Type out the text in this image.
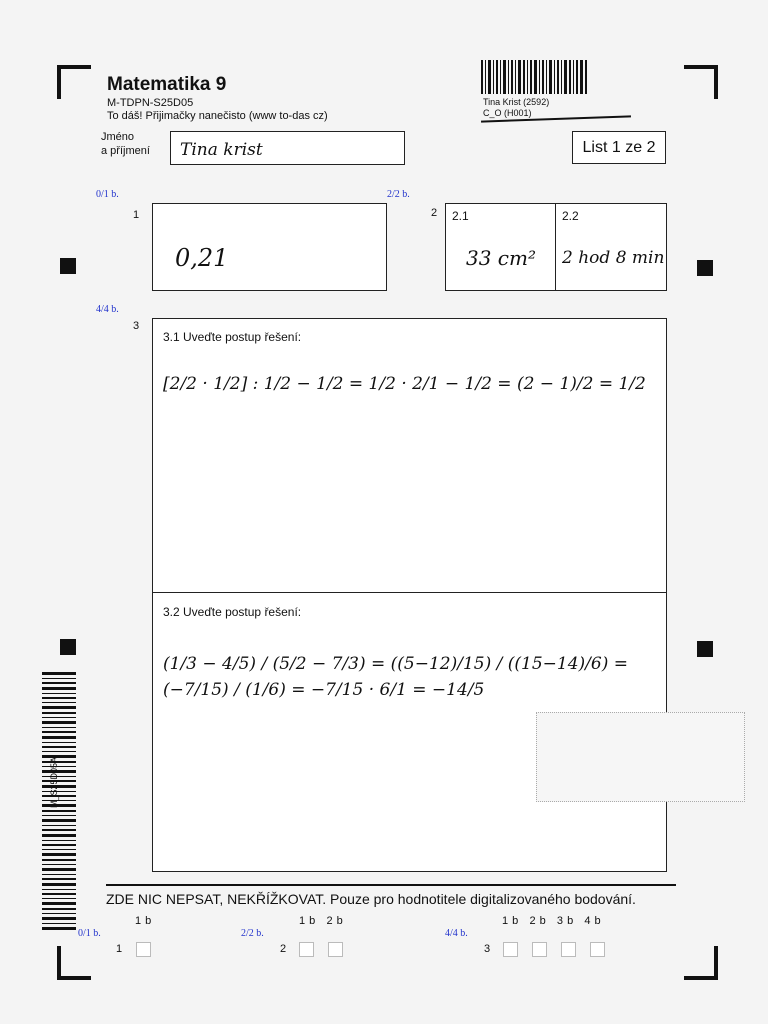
Matematika 9
M-TDPN-S25D05
To dáš! Přijimačky nanečisto (www to-das cz)
Tina Krist (2592)
C_O (H001)
Jméno
a příjmení Tina krist	List 1 ze 2
0/1 b.
1
0,21
2/2 b.
2 2.1
33 cm²
2.2
2 hod 8 min
4/4 b.
3
3.1 Uveďte postup řešení:
[2/2 · 1/2] : 1/2 − 1/2 = 1/2 · 2/1 − 1/2 = (2 − 1)/2 = 1/2
3.2 Uveďte postup řešení:
(1/3 − 4/5) / (5/2 − 7/3) = ((5−12)/15) / ((15−14)/6) = (−7/15) / (1/6) = −7/15 · 6/1 = −14/5
M_S25D05A
ZDE NIC NEPSAT, NEKŘÍŽKOVAT. Pouze pro hodnotitele digitalizovaného bodování.
1 b
0/1 b.
1
1 b   2 b
2/2 b.
2
1 b   2 b   3 b   4 b
4/4 b.
3
